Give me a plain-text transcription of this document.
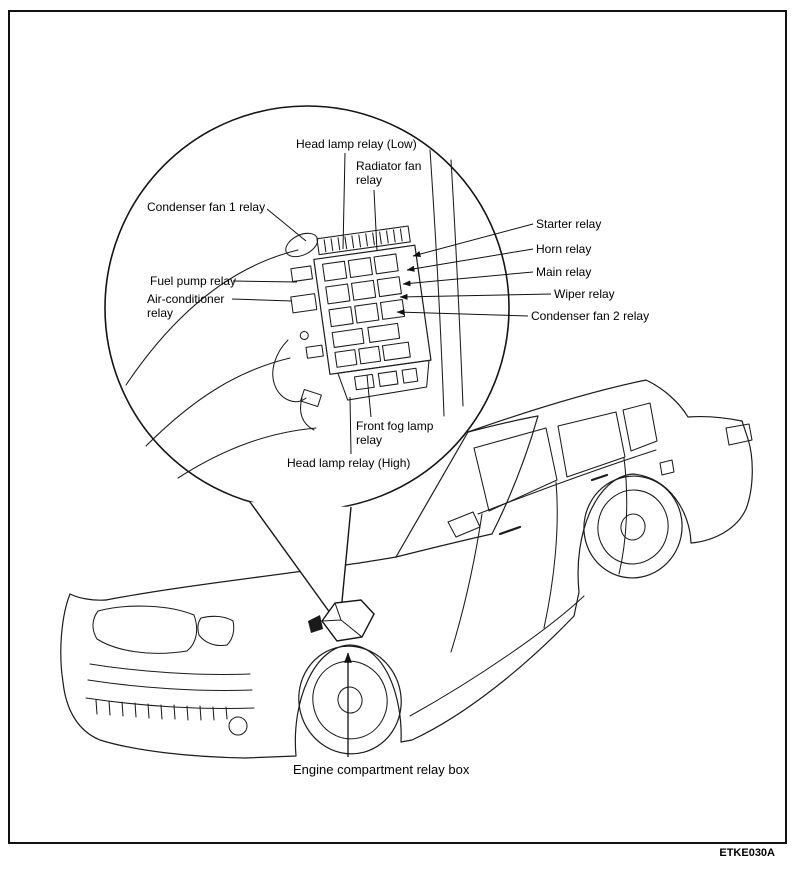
Head lamp relay (Low)
Radiator fan relay
Condenser fan 1 relay
Starter relay
Horn relay
Main relay
Wiper relay
Condenser fan 2 relay
Fuel pump relay
Air-conditioner relay
Front fog lamp relay
Head lamp relay (High)
Engine compartment relay box
ETKE030A
